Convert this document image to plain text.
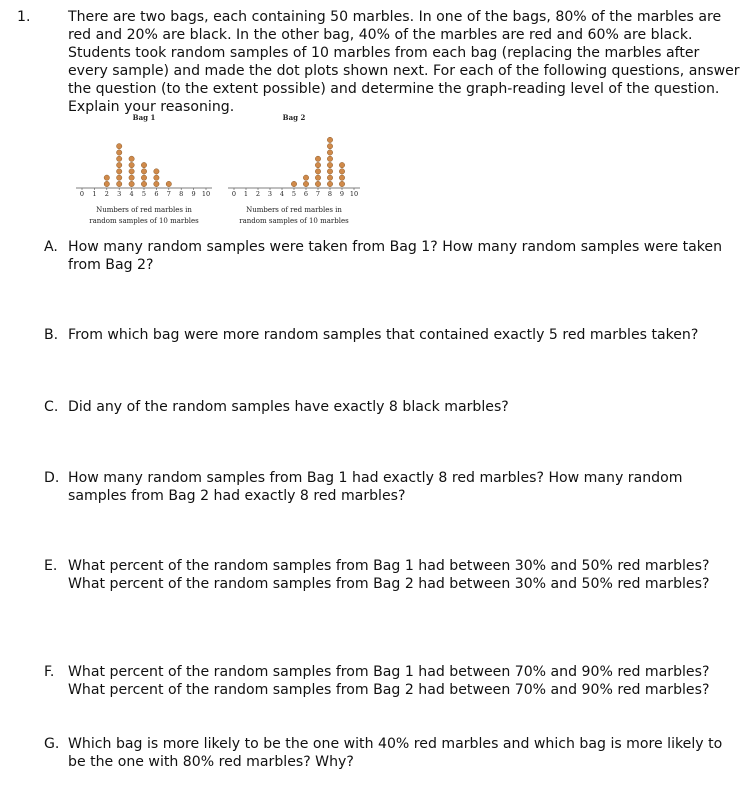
1.	There are two bags, each containing 50 marbles. In one of the bags, 80% of the marbles are red and 20% are black. In the other bag, 40% of the marbles are red and 60% are black. Students took random samples of 10 marbles from each bag (replacing the marbles after every sample) and made the dot plots shown next. For each of the following questions, answer the question (to the extent possible) and determine the graph-reading level of the question. Explain your reasoning.
Bag 1
0 1 2 3 4 5 6 7 8 9 10
Numbers of red marbles in
random samples of 10 marbles
Bag 2
0 1 2 3 4 5 6 7 8 9 10
Numbers of red marbles in
random samples of 10 marbles
A. How many random samples were taken from Bag 1? How many random samples were taken from Bag 2?
B. From which bag were more random samples that contained exactly 5 red marbles taken?
C. Did any of the random samples have exactly 8 black marbles?
D. How many random samples from Bag 1 had exactly 8 red marbles? How many random samples from Bag 2 had exactly 8 red marbles?
E. What percent of the random samples from Bag 1 had between 30% and 50% red marbles? What percent of the random samples from Bag 2 had between 30% and 50% red marbles?
F. What percent of the random samples from Bag 1 had between 70% and 90% red marbles? What percent of the random samples from Bag 2 had between 70% and 90% red marbles?
G. Which bag is more likely to be the one with 40% red marbles and which bag is more likely to be the one with 80% red marbles? Why?
